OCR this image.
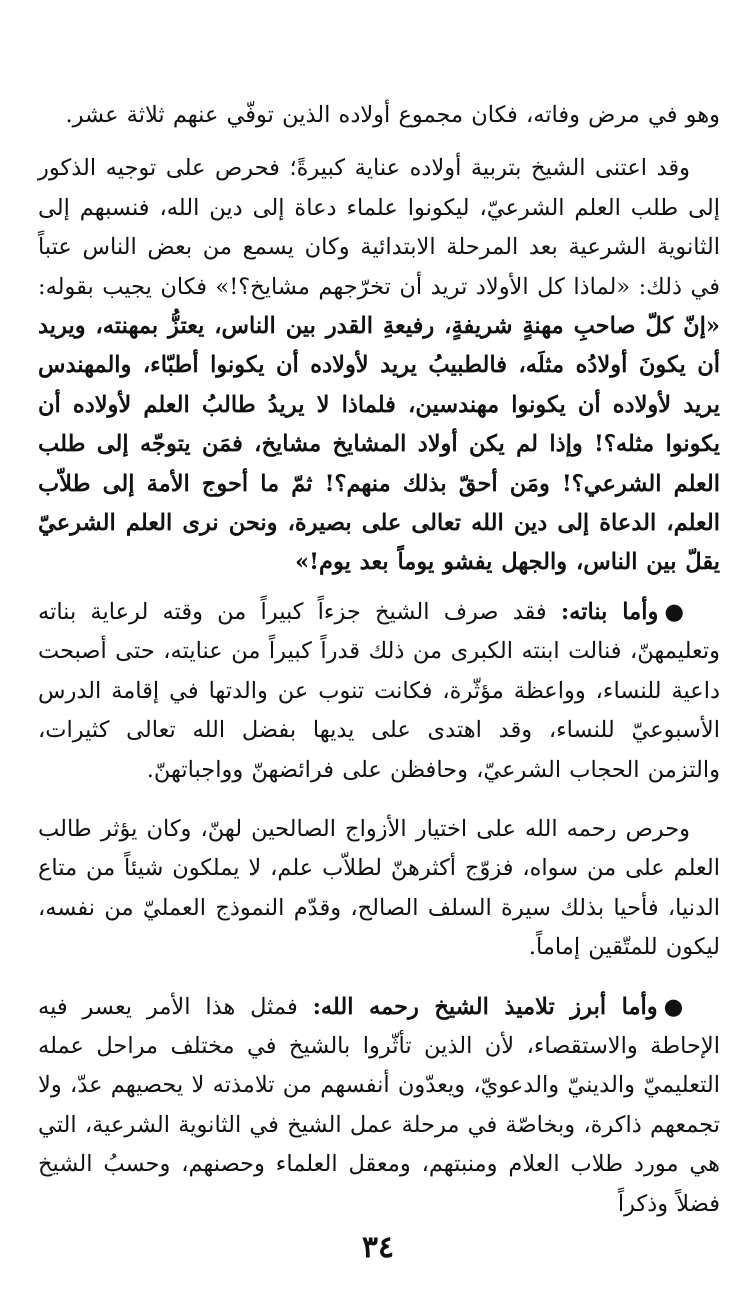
وهو في مرض وفاته، فكان مجموع أولاده الذين توفّي عنهم ثلاثة عشر.

وقد اعتنى الشيخ بتربية أولاده عناية كبيرةً؛ فحرص على توجيه الذكور إلى طلب العلم الشرعيّ، ليكونوا علماء دعاة إلى دين الله، فنسبهم إلى الثانوية الشرعية بعد المرحلة الابتدائية وكان يسمع من بعض الناس عتباً في ذلك: «لماذا كل الأولاد تريد أن تخرّجهم مشايخ؟!» فكان يجيب بقوله: «إنّ كلّ صاحبِ مهنةٍ شريفةٍ، رفيعةِ القدر بين الناس، يعتزُّ بمهنته، ويريد أن يكونَ أولادُه مثلَه، فالطبيبُ يريد لأولاده أن يكونوا أطبّاء، والمهندس يريد لأولاده أن يكونوا مهندسين، فلماذا لا يريدُ طالبُ العلم لأولاده أن يكونوا مثله؟! وإذا لم يكن أولاد المشايخ مشايخ، فمَن يتوجّه إلى طلب العلم الشرعي؟! ومَن أحقّ بذلك منهم؟! ثمّ ما أحوج الأمة إلى طلاّب العلم، الدعاة إلى دين الله تعالى على بصيرة، ونحن نرى العلم الشرعيّ يقلّ بين الناس، والجهل يفشو يوماً بعد يوم!»

●وأما بناته: فقد صرف الشيخ جزءاً كبيراً من وقته لرعاية بناته وتعليمهنّ، فنالت ابنته الكبرى من ذلك قدراً كبيراً من عنايته، حتى أصبحت داعية للنساء، وواعظة مؤثّرة، فكانت تنوب عن والدتها في إقامة الدرس الأسبوعيّ للنساء، وقد اهتدى على يديها بفضل الله تعالى كثيرات، والتزمن الحجاب الشرعيّ، وحافظن على فرائضهنّ وواجباتهنّ.

وحرص رحمه الله على اختيار الأزواج الصالحين لهنّ، وكان يؤثر طالب العلم على من سواه، فزوّج أكثرهنّ لطلاّب علم، لا يملكون شيئاً من متاع الدنيا، فأحيا بذلك سيرة السلف الصالح، وقدّم النموذج العمليّ من نفسه، ليكون للمتّقين إماماً.

●وأما أبرز تلاميذ الشيخ رحمه الله: فمثل هذا الأمر يعسر فيه الإحاطة والاستقصاء، لأن الذين تأثّروا بالشيخ في مختلف مراحل عمله التعليميّ والدينيّ والدعويّ، ويعدّون أنفسهم من تلامذته لا يحصيهم عدّ، ولا تجمعهم ذاكرة، وبخاصّة في مرحلة عمل الشيخ في الثانوية الشرعية، التي هي مورد طلاب العلام ومنبتهم، ومعقل العلماء وحصنهم، وحسبُ الشيخ فضلاً وذكراً

٣٤
